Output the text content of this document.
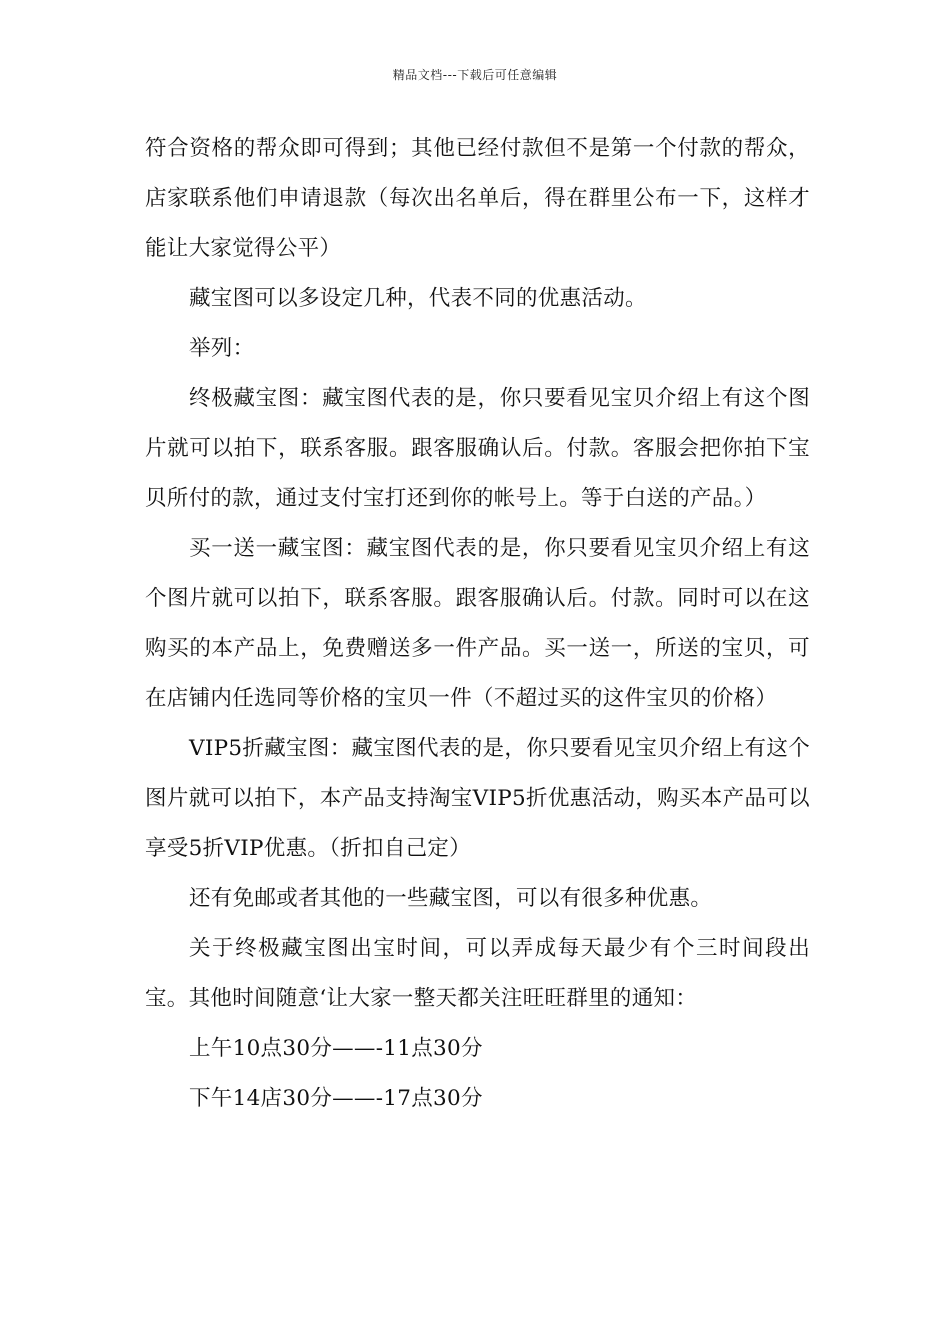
精品文档---下载后可任意编辑

符合资格的帮众即可得到；其他已经付款但不是第一个付款的帮众，店家联系他们申请退款（每次出名单后，得在群里公布一下，这样才能让大家觉得公平）

藏宝图可以多设定几种，代表不同的优惠活动。

举列：

终极藏宝图：藏宝图代表的是，你只要看见宝贝介绍上有这个图片就可以拍下，联系客服。跟客服确认后。付款。客服会把你拍下宝贝所付的款，通过支付宝打还到你的帐号上。等于白送的产品。）

买一送一藏宝图：藏宝图代表的是，你只要看见宝贝介绍上有这个图片就可以拍下，联系客服。跟客服确认后。付款。同时可以在这购买的本产品上，免费赠送多一件产品。买一送一，所送的宝贝，可在店铺内任选同等价格的宝贝一件（不超过买的这件宝贝的价格）

VIP5折藏宝图：藏宝图代表的是，你只要看见宝贝介绍上有这个图片就可以拍下，本产品支持淘宝VIP5折优惠活动，购买本产品可以享受5折VIP优惠。（折扣自己定）

还有免邮或者其他的一些藏宝图，可以有很多种优惠。

关于终极藏宝图出宝时间，可以弄成每天最少有个三时间段出宝。其他时间随意‘让大家一整天都关注旺旺群里的通知：

上午10点30分——-11点30分

下午14店30分——-17点30分
